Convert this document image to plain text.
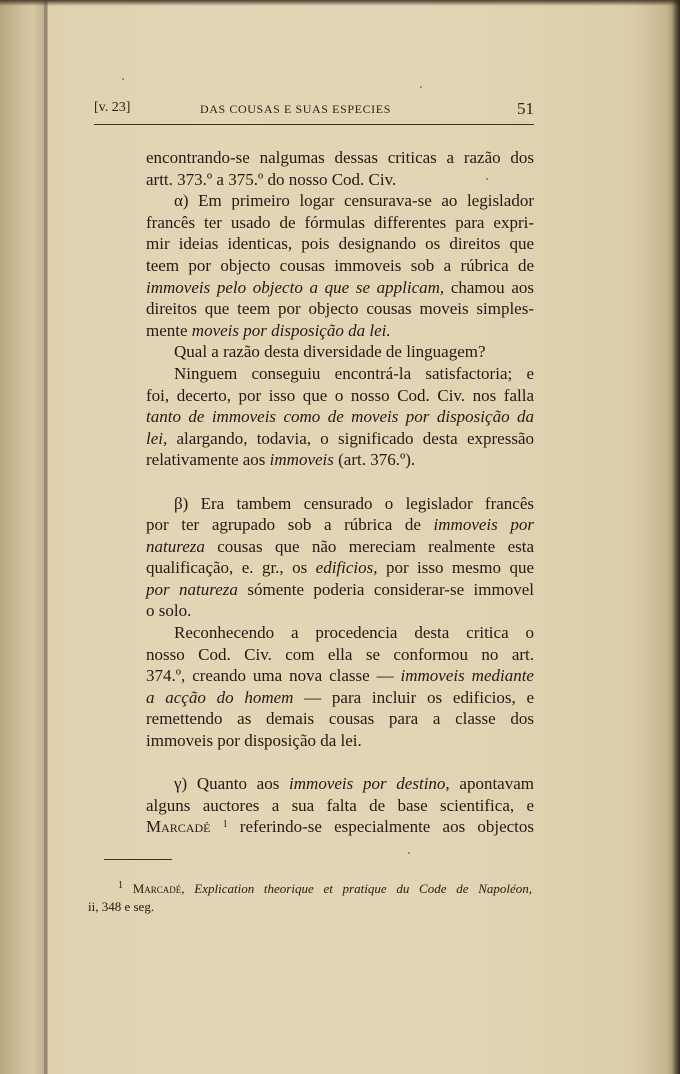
[v. 23]	DAS COUSAS E SUAS ESPECIES	51
encontrando-se nalgumas dessas criticas a razão dos
artt. 373.º a 375.º do nosso Cod. Civ.
α) Em primeiro logar censurava-se ao legislador
francês ter usado de fórmulas differentes para expri-
mir ideias identicas, pois designando os direitos que
teem por objecto cousas immoveis sob a rúbrica de
immoveis pelo objecto a que se applicam, chamou aos
direitos que teem por objecto cousas moveis simples-
mente moveis por disposição da lei.
Qual a razão desta diversidade de linguagem?
Ninguem conseguiu encontrá-la satisfactoria; e
foi, decerto, por isso que o nosso Cod. Civ. nos falla
tanto de immoveis como de moveis por disposição da
lei, alargando, todavia, o significado desta expressão
relativamente aos immoveis (art. 376.º).
β) Era tambem censurado o legislador francês
por ter agrupado sob a rúbrica de immoveis por
natureza cousas que não mereciam realmente esta
qualificação, e. gr., os edificios, por isso mesmo que
por natureza sómente poderia considerar-se immovel
o solo.
Reconhecendo a procedencia desta critica o
nosso Cod. Civ. com ella se conformou no art.
374.º, creando uma nova classe — immoveis mediante
a acção do homem — para incluir os edificios, e
remettendo as demais cousas para a classe dos
immoveis por disposição da lei.
γ) Quanto aos immoveis por destino, apontavam
alguns auctores a sua falta de base scientifica, e
Marcadé $^1$ referindo-se especialmente aos objectos
$^1$ Marcadé, Explication theorique et pratique du Code de Napoléon,
ii, 348 e seg.
